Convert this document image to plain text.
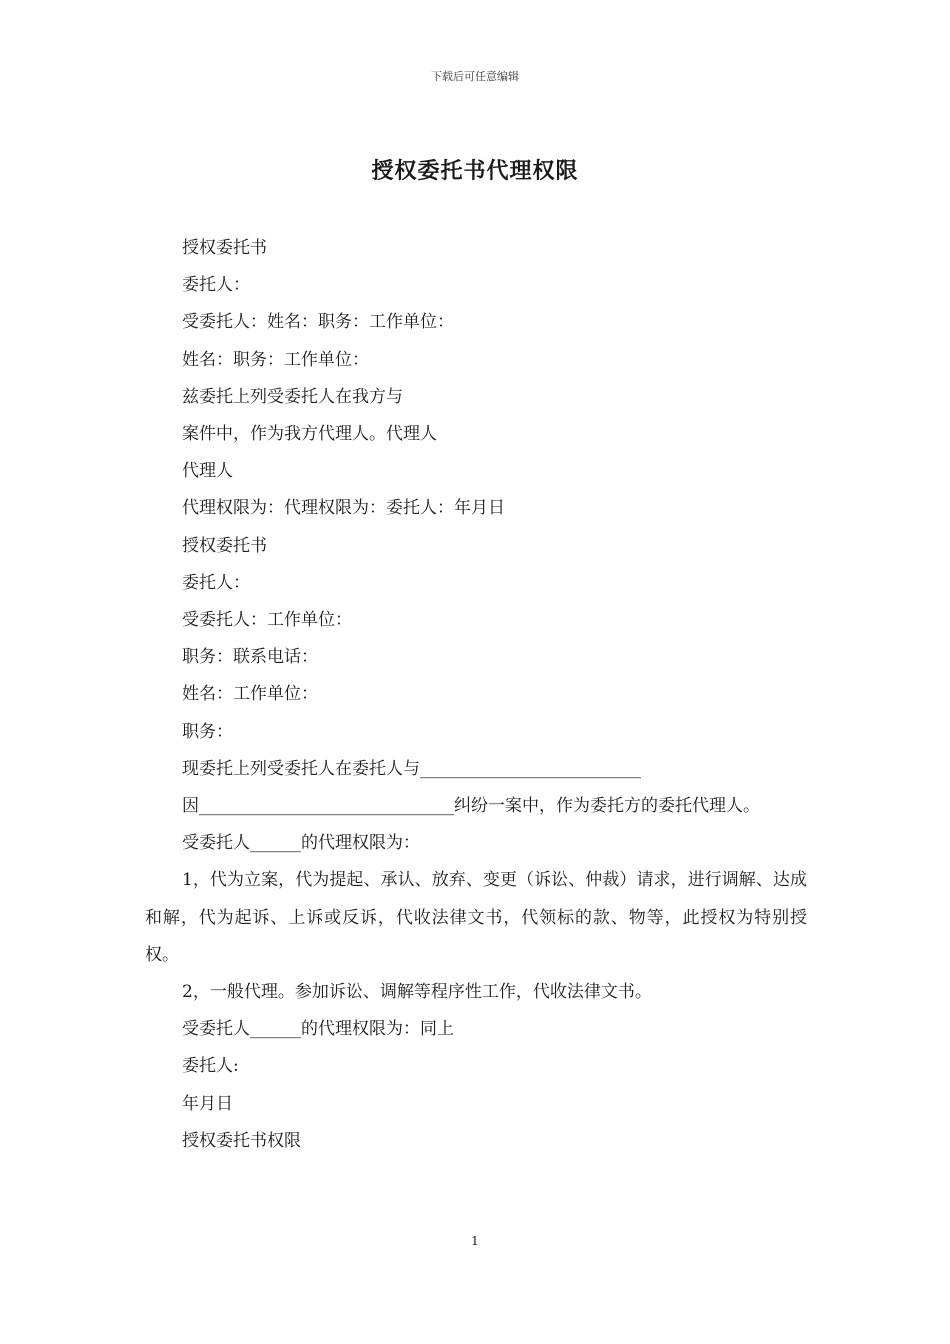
下载后可任意编辑
授权委托书代理权限

授权委托书

委托人：

受委托人：姓名：职务：工作单位：

姓名：职务：工作单位：

兹委托上列受委托人在我方与

案件中，作为我方代理人。代理人

代理人

代理权限为：代理权限为：委托人：年月日

授权委托书

委托人：

受委托人：工作单位：

职务：联系电话：

姓名：工作单位：

职务：

现委托上列受委托人在委托人与__________________________

因______________________________纠纷一案中，作为委托方的委托代理人。

受委托人______的代理权限为：

1，代为立案，代为提起、承认、放弃、变更（诉讼、仲裁）请求，进行调解、达成和解，代为起诉、上诉或反诉，代收法律文书，代领标的款、物等，此授权为特别授权。

2，一般代理。参加诉讼、调解等程序性工作，代收法律文书。

受委托人______的代理权限为：同上

委托人:

年月日

授权委托书权限

1
